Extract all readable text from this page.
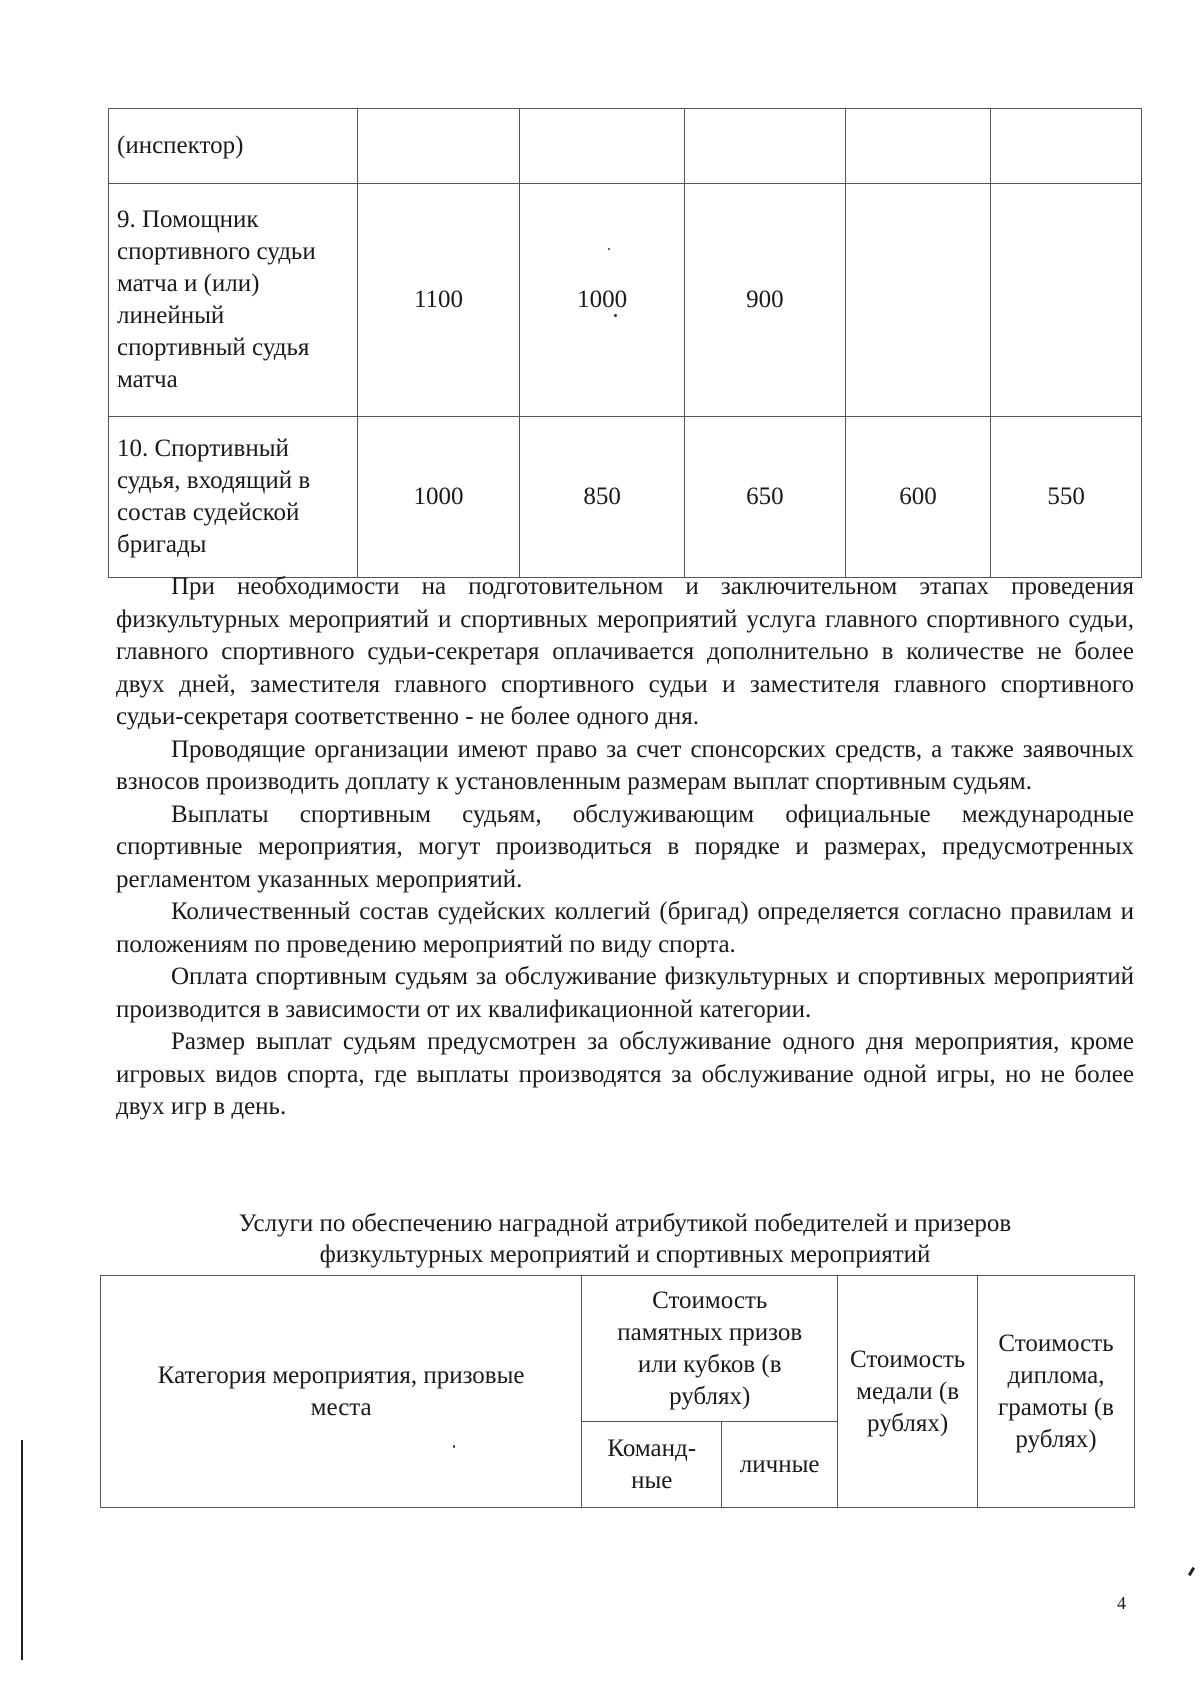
(инспектор)					
9. Помощник спортивного судьи матча и (или) линейный спортивный судья матча	1100	1000	900		
10. Спортивный судья, входящий в состав судейской бригады	1000	850	650	600	550

При необходимости на подготовительном и заключительном этапах проведения физкультурных мероприятий и спортивных мероприятий услуга главного спортивного судьи, главного спортивного судьи-секретаря оплачивается дополнительно в количестве не более двух дней, заместителя главного спортивного судьи и заместителя главного спортивного судьи-секретаря соответственно - не более одного дня.

Проводящие организации имеют право за счет спонсорских средств, а также заявочных взносов производить доплату к установленным размерам выплат спортивным судьям.

Выплаты спортивным судьям, обслуживающим официальные международные спортивные мероприятия, могут производиться в порядке и размерах, предусмотренных регламентом указанных мероприятий.

Количественный состав судейских коллегий (бригад) определяется согласно правилам и положениям по проведению мероприятий по виду спорта.

Оплата спортивным судьям за обслуживание физкультурных и спортивных мероприятий производится в зависимости от их квалификационной категории.

Размер выплат судьям предусмотрен за обслуживание одного дня мероприятия, кроме игровых видов спорта, где выплаты производятся за обслуживание одной игры, но не более двух игр в день.

Услуги по обеспечению наградной атрибутикой победителей и призеров
физкультурных мероприятий и спортивных мероприятий
Категория мероприятия, призовые места	Стоимость памятных призов или кубков (в рублях)		Стоимость медали (в рублях)	Стоимость диплома, грамоты (в рублях)
	Команд-ные	личные		
4
